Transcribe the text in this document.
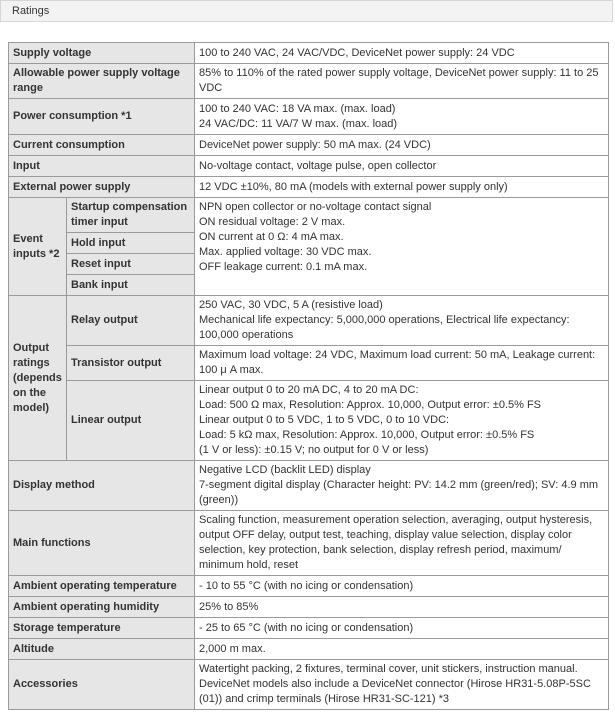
Ratings
Supply voltage		100 to 240 VAC, 24 VAC/VDC, DeviceNet power supply: 24 VDC
Allowable power supply voltage range		85% to 110% of the rated power supply voltage, DeviceNet power supply: 11 to 25 VDC
Power consumption *1		100 to 240 VAC: 18 VA max. (max. load)
24 VAC/DC: 11 VA/7 W max. (max. load)

Current consumption		DeviceNet power supply: 50 mA max. (24 VDC)
Input		No-voltage contact, voltage pulse, open collector
External power supply		12 VDC ±10%, 80 mA (models with external power supply only)
Event inputs *2	Startup compensation timer input	NPN open collector or no-voltage contact signal
ON residual voltage: 2 V max.
ON current at 0 Ω: 4 mA max.
Max. applied voltage: 30 VDC max.
OFF leakage current: 0.1 mA max.

	Hold input	
	Reset input	
	Bank input	
Output ratings (depends on the model)	Relay output	250 VAC, 30 VDC, 5 A (resistive load)
Mechanical life expectancy: 5,000,000 operations, Electrical life expectancy: 100,000 operations

	Transistor output	Maximum load voltage: 24 VDC, Maximum load current: 50 mA, Leakage current: 100 μ A max.
	Linear output	Linear output 0 to 20 mA DC, 4 to 20 mA DC:
Load: 500 Ω max, Resolution: Approx. 10,000, Output error: ±0.5% FS
Linear output 0 to 5 VDC, 1 to 5 VDC, 0 to 10 VDC:
Load: 5 kΩ max, Resolution: Approx. 10,000, Output error: ±0.5% FS
(1 V or less): ±0.15 V; no output for 0 V or less)

Display method		Negative LCD (backlit LED) display
7-segment digital display (Character height: PV: 14.2 mm (green/red); SV: 4.9 mm (green))

Main functions		Scaling function, measurement operation selection, averaging, output hysteresis, output OFF delay, output test, teaching, display value selection, display color selection, key protection, bank selection, display refresh period, maximum/ minimum hold, reset
Ambient operating temperature		- 10 to 55 °C (with no icing or condensation)
Ambient operating humidity		25% to 85%
Storage temperature		- 25 to 65 °C (with no icing or condensation)
Altitude		2,000 m max.
Accessories		Watertight packing, 2 fixtures, terminal cover, unit stickers, instruction manual. DeviceNet models also include a DeviceNet connector (Hirose HR31-5.08P-5SC (01)) and crimp terminals (Hirose HR31-SC-121) *3
